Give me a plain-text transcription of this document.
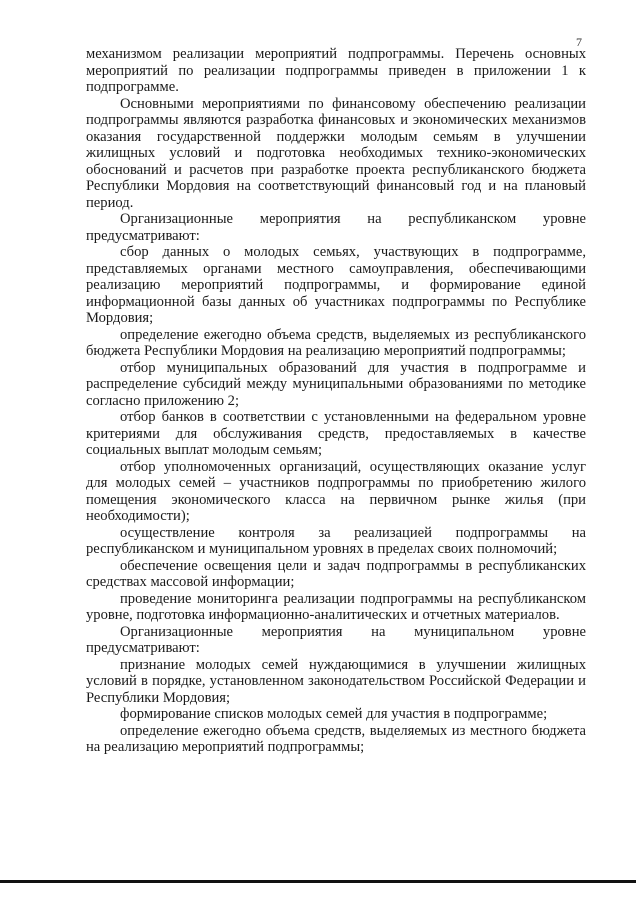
7

механизмом реализации мероприятий подпрограммы. Перечень основных мероприятий по реализации подпрограммы приведен в приложении 1 к подпрограмме.

Основными мероприятиями по финансовому обеспечению реализации подпрограммы являются разработка финансовых и экономических механизмов оказания государственной поддержки молодым семьям в улучшении жилищных условий и подготовка необходимых технико-экономических обоснований и расчетов при разработке проекта республиканского бюджета Республики Мордовия на соответствующий финансовый год и на плановый период.

Организационные мероприятия на республиканском уровне предусматривают:

сбор данных о молодых семьях, участвующих в подпрограмме, представляемых органами местного самоуправления, обеспечивающими реализацию мероприятий подпрограммы, и формирование единой информационной базы данных об участниках подпрограммы по Республике Мордовия;

определение ежегодно объема средств, выделяемых из республиканского бюджета Республики Мордовия на реализацию мероприятий подпрограммы;

отбор муниципальных образований для участия в подпрограмме и распределение субсидий между муниципальными образованиями по методике согласно приложению 2;

отбор банков в соответствии с установленными на федеральном уровне критериями для обслуживания средств, предоставляемых в качестве социальных выплат молодым семьям;

отбор уполномоченных организаций, осуществляющих оказание услуг для молодых семей – участников подпрограммы по приобретению жилого помещения экономического класса на первичном рынке жилья (при необходимости);

осуществление контроля за реализацией подпрограммы на республиканском и муниципальном уровнях в пределах своих полномочий;

обеспечение освещения цели и задач подпрограммы в республиканских средствах массовой информации;

проведение мониторинга реализации подпрограммы на республиканском уровне, подготовка информационно-аналитических и отчетных материалов.

Организационные мероприятия на муниципальном уровне предусматривают:

признание молодых семей нуждающимися в улучшении жилищных условий в порядке, установленном законодательством Российской Федерации и Республики Мордовия;

формирование списков молодых семей для участия в подпрограмме;

определение ежегодно объема средств, выделяемых из местного бюджета на реализацию мероприятий подпрограммы;
